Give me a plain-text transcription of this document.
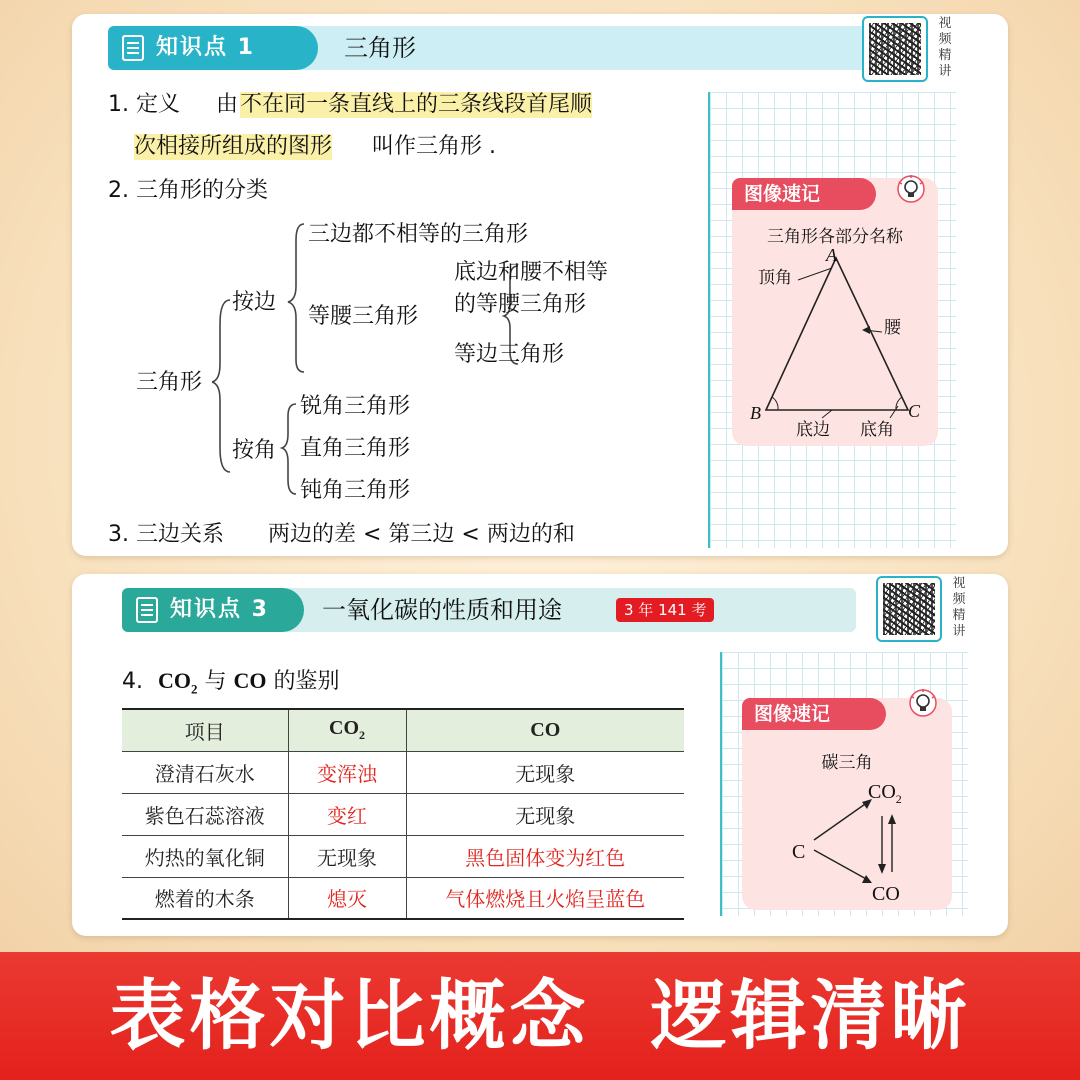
知识点 1	三角形
视频精讲
1. 定义 由 不在同一条直线上的三条线段首尾顺
次相接所组成的图形 叫作三角形 .
2. 三角形的分类
三角形
按边
三边都不相等的三角形
等腰三角形
底边和腰不相等
的等腰三角形
等边三角形
按角
锐角三角形
直角三角形
钝角三角形
3. 三边关系 两边的差 < 第三边 < 两边的和
图像速记
三角形各部分名称
顶角
A
腰
B	C
底边 底角
知识点 3	一氧化碳的性质和用途	3 年 141 考
视频精讲
4. $CO_2$ 与 CO 的鉴别
项目	$CO_2$	CO
澄清石灰水	变浑浊	无现象
紫色石蕊溶液	变红	无现象
灼热的氧化铜	无现象	黑色固体变为红色
燃着的木条	熄灭	气体燃烧且火焰呈蓝色
图像速记
碳三角
C
$CO_2$
CO
表格对比概念  逻辑清晰
